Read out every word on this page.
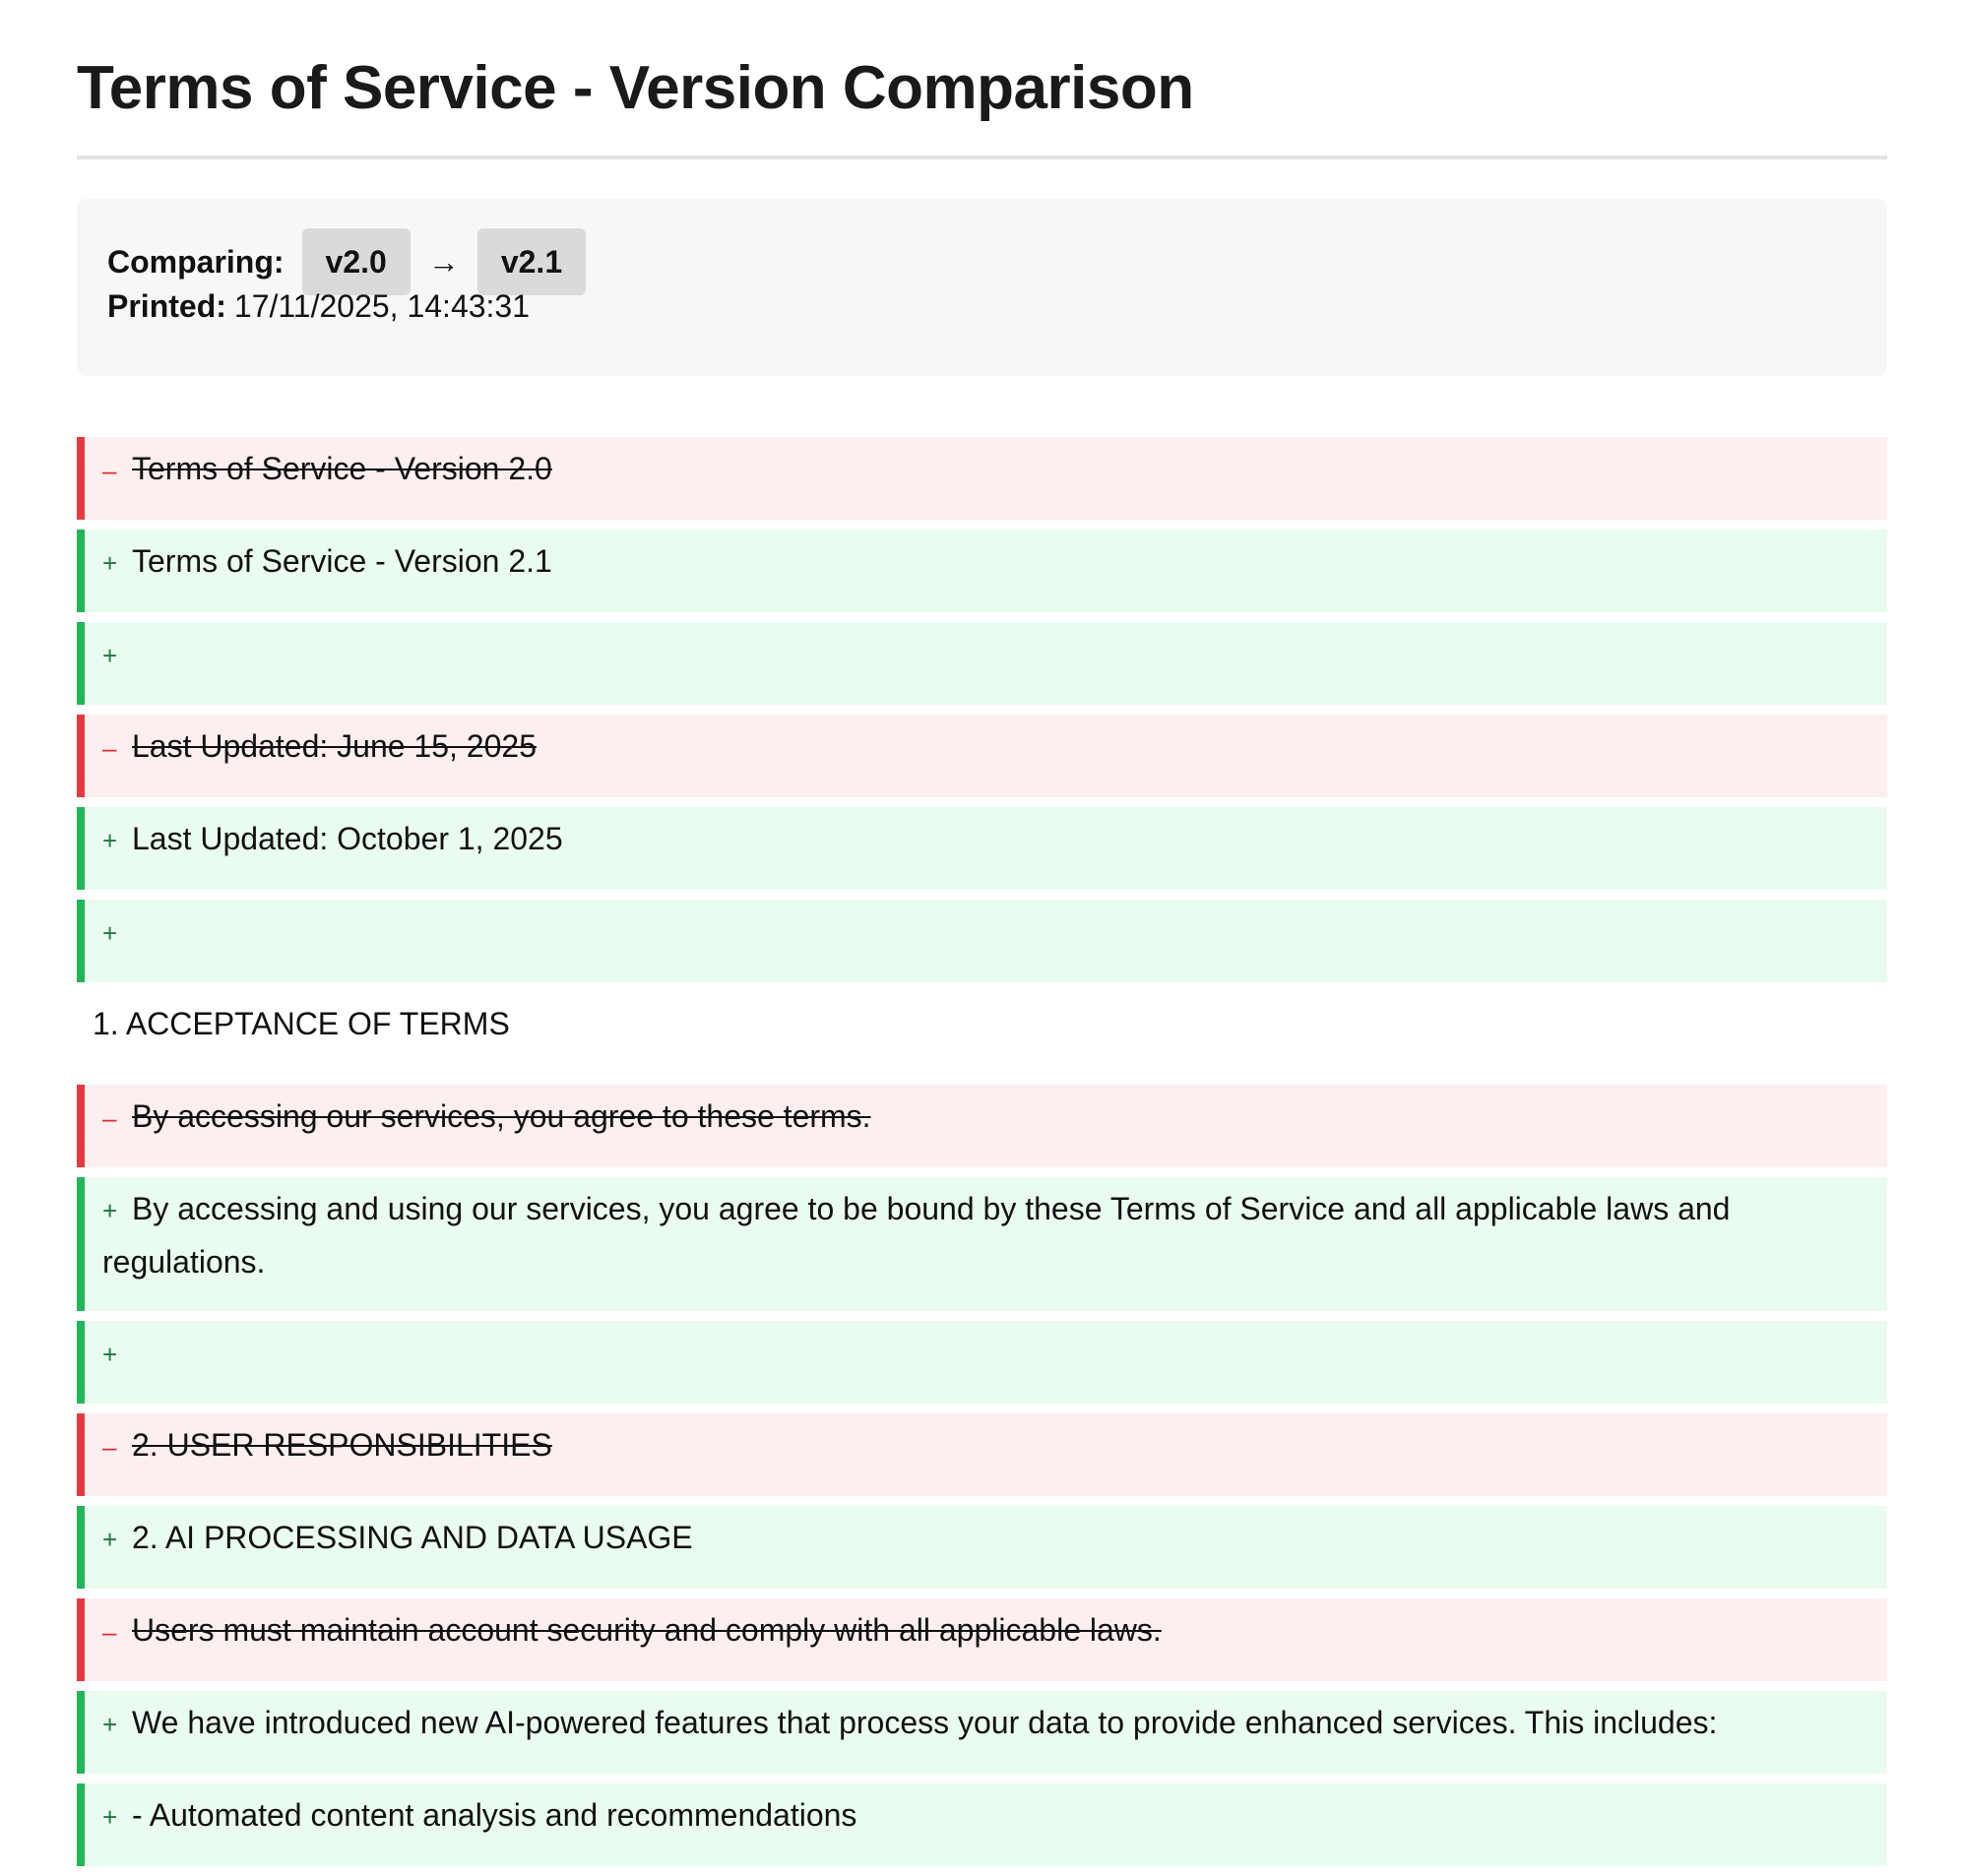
Terms of Service - Version Comparison
Comparing:	v2.0	→	v2.1
Printed: 17/11/2025, 14:43:31
– Terms of Service - Version 2.0
+ Terms of Service - Version 2.1
+
– Last Updated: June 15, 2025
+ Last Updated: October 1, 2025
+
1. ACCEPTANCE OF TERMS
– By accessing our services, you agree to these terms.
+ By accessing and using our services, you agree to be bound by these Terms of Service and all applicable laws and regulations.
+
– 2. USER RESPONSIBILITIES
+ 2. AI PROCESSING AND DATA USAGE
– Users must maintain account security and comply with all applicable laws.
+ We have introduced new AI-powered features that process your data to provide enhanced services. This includes:
+ - Automated content analysis and recommendations
